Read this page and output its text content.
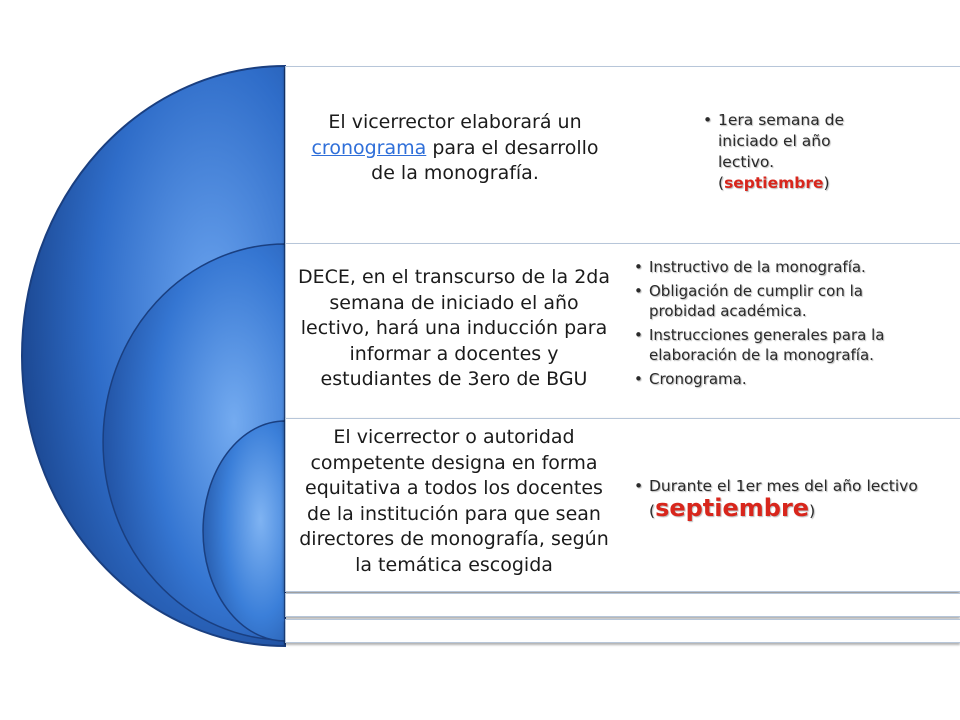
El vicerrector elaborará un cronograma para el desarrollo de la monografía.
• 1era semana de iniciado el año lectivo. (septiembre)
DECE, en el transcurso de la 2da semana de iniciado el año lectivo, hará una inducción para informar a docentes y estudiantes de 3ero de BGU
• Instructivo de la monografía.
• Obligación de cumplir con la probidad académica.
• Instrucciones generales para la elaboración de la monografía.
• Cronograma.
El vicerrector o autoridad competente designa en forma equitativa a todos los docentes de la institución para que sean directores de monografía, según la temática escogida
• Durante el 1er mes del año lectivo (septiembre)
